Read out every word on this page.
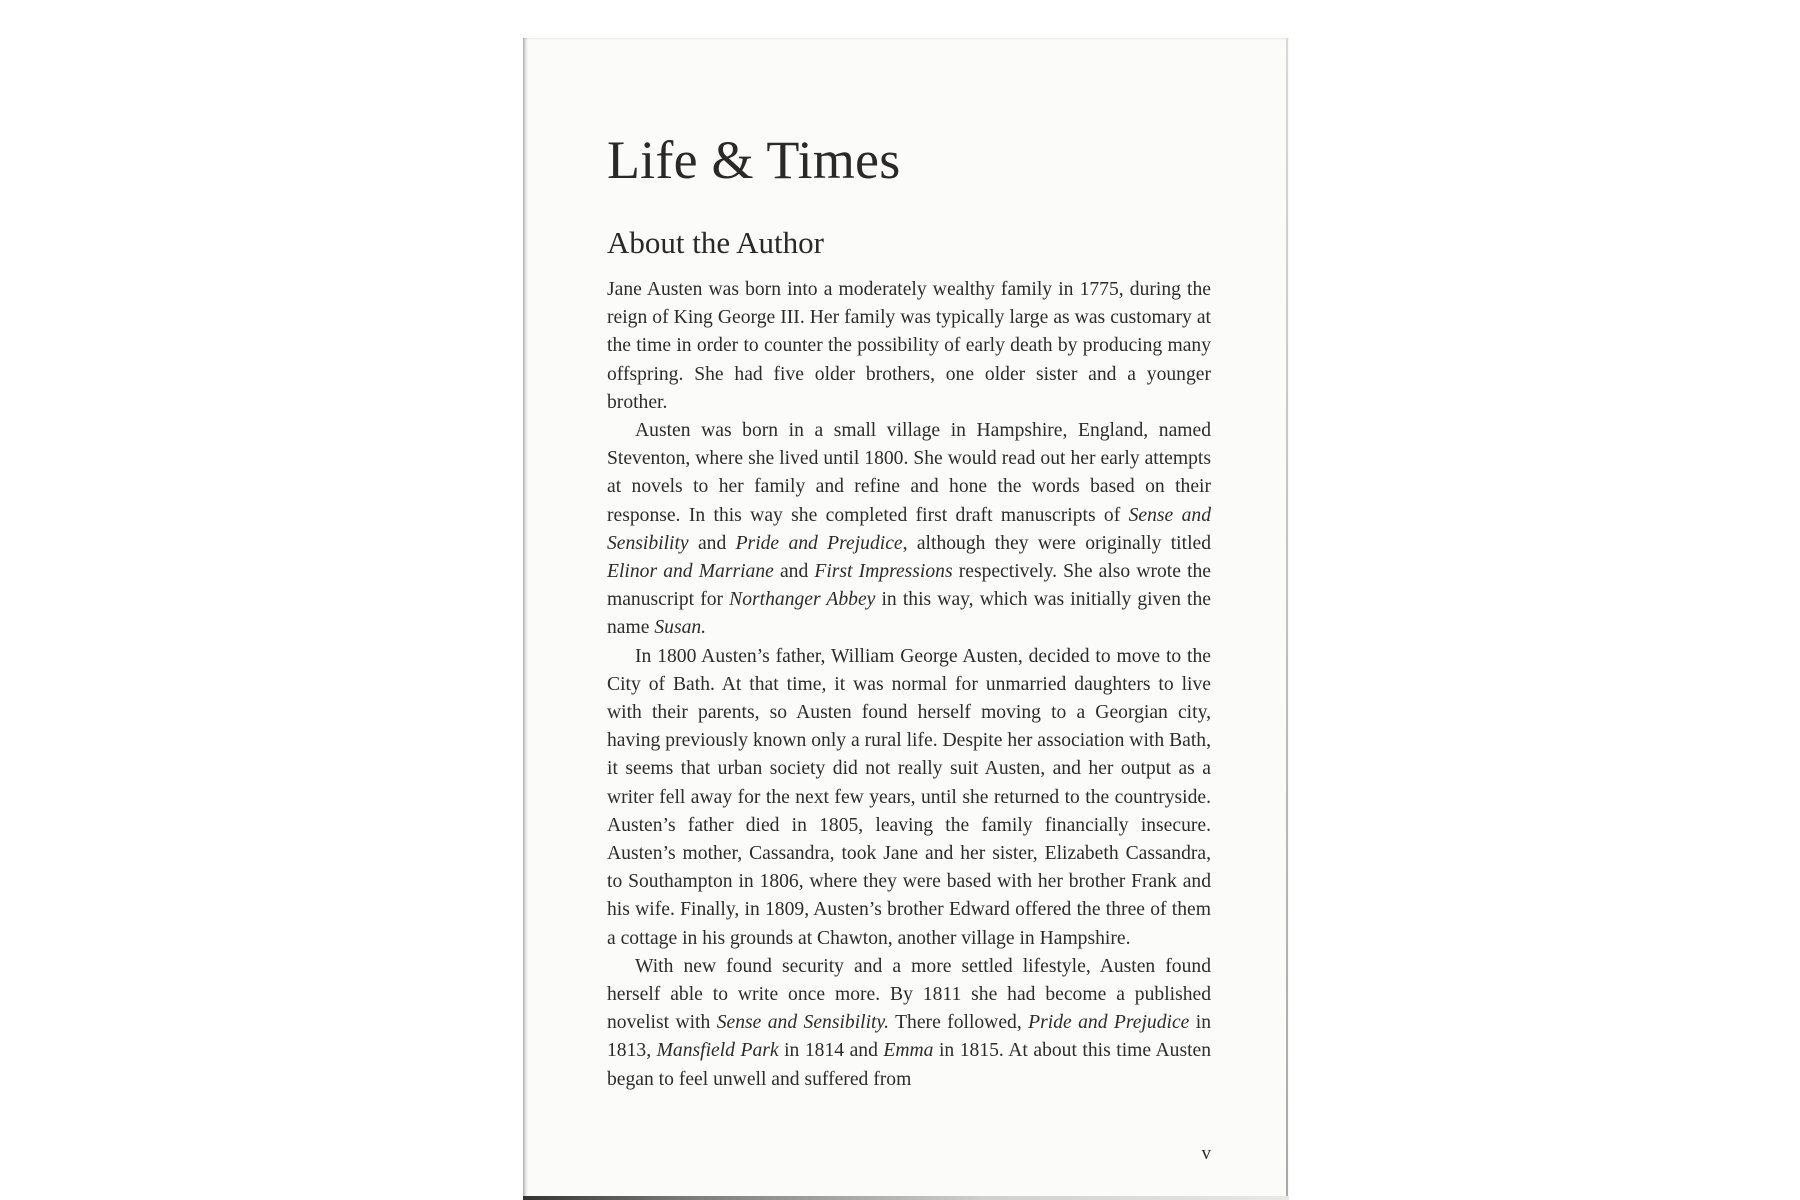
Life & Times
About the Author

Jane Austen was born into a moderately wealthy family in 1775, during the reign of King George III. Her family was typically large as was customary at the time in order to counter the possibility of early death by producing many offspring. She had five older brothers, one older sister and a younger brother.

Austen was born in a small village in Hampshire, England, named Steventon, where she lived until 1800. She would read out her early attempts at novels to her family and refine and hone the words based on their response. In this way she completed first draft manuscripts of Sense and Sensibility and Pride and Prejudice, although they were originally titled Elinor and Marriane and First Impressions respectively. She also wrote the manuscript for Northanger Abbey in this way, which was initially given the name Susan.

In 1800 Austen’s father, William George Austen, decided to move to the City of Bath. At that time, it was normal for unmarried daughters to live with their parents, so Austen found herself moving to a Georgian city, having previously known only a rural life. Despite her association with Bath, it seems that urban society did not really suit Austen, and her output as a writer fell away for the next few years, until she returned to the countryside. Austen’s father died in 1805, leaving the family financially insecure. Austen’s mother, Cassandra, took Jane and her sister, Elizabeth Cassandra, to Southampton in 1806, where they were based with her brother Frank and his wife. Finally, in 1809, Austen’s brother Edward offered the three of them a cottage in his grounds at Chawton, another village in Hampshire.

With new found security and a more settled lifestyle, Austen found herself able to write once more. By 1811 she had become a published novelist with Sense and Sensibility. There followed, Pride and Prejudice in 1813, Mansfield Park in 1814 and Emma in 1815. At about this time Austen began to feel unwell and suffered from

v
